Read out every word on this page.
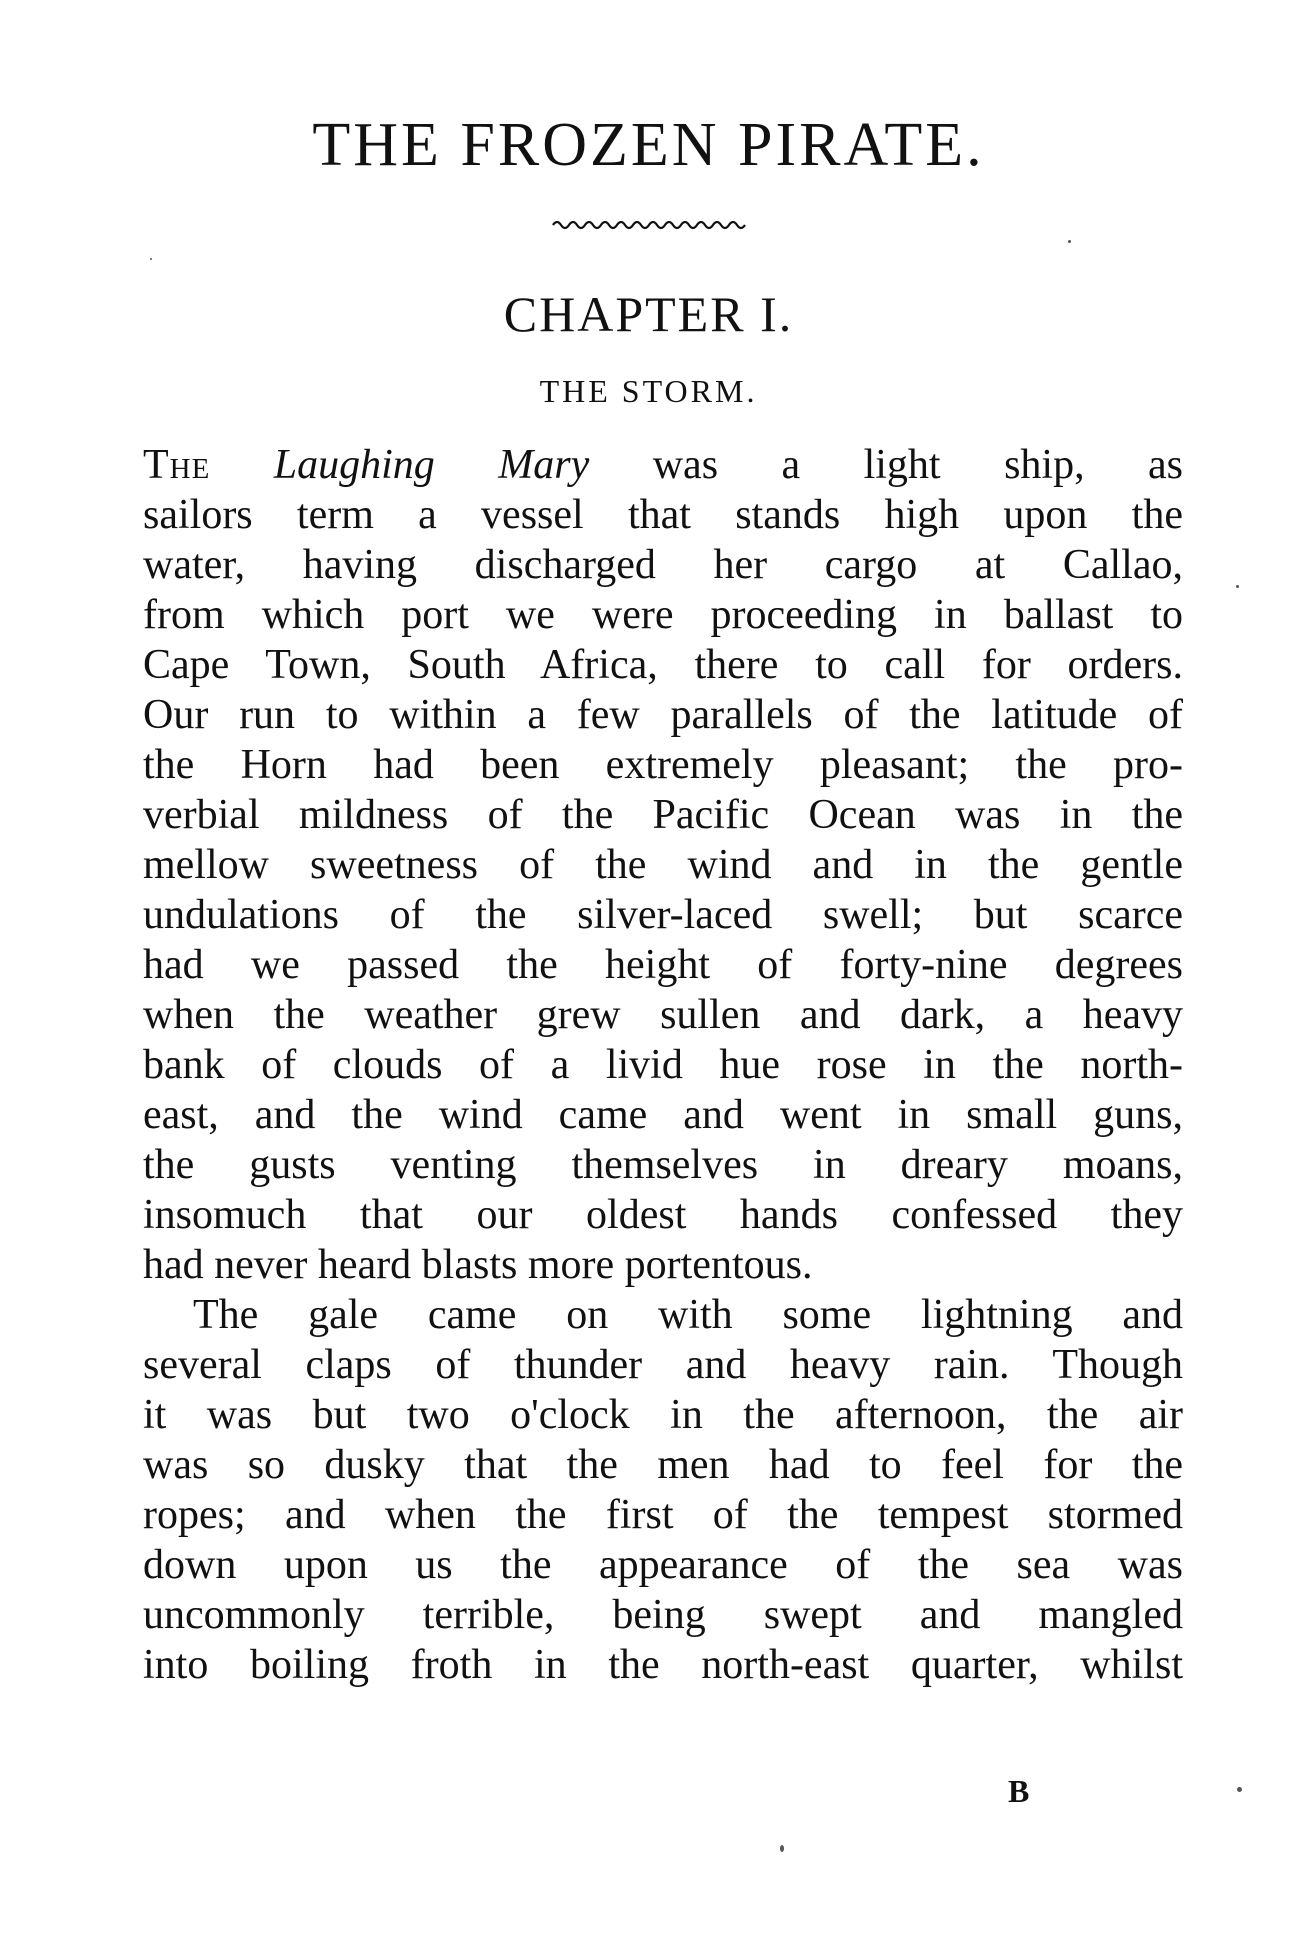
THE FROZEN PIRATE.
CHAPTER I.
THE STORM.
The Laughing Mary was a light ship, as
sailors term a vessel that stands high upon the
water, having discharged her cargo at Callao,
from which port we were proceeding in ballast to
Cape Town, South Africa, there to call for orders.
Our run to within a few parallels of the latitude of
the Horn had been extremely pleasant; the pro-
verbial mildness of the Pacific Ocean was in the
mellow sweetness of the wind and in the gentle
undulations of the silver-laced swell; but scarce
had we passed the height of forty-nine degrees
when the weather grew sullen and dark, a heavy
bank of clouds of a livid hue rose in the north-
east, and the wind came and went in small guns,
the gusts venting themselves in dreary moans,
insomuch that our oldest hands confessed they
had never heard blasts more portentous.
The gale came on with some lightning and
several claps of thunder and heavy rain. Though
it was but two o'clock in the afternoon, the air
was so dusky that the men had to feel for the
ropes; and when the first of the tempest stormed
down upon us the appearance of the sea was
uncommonly terrible, being swept and mangled
into boiling froth in the north-east quarter, whilst
B
